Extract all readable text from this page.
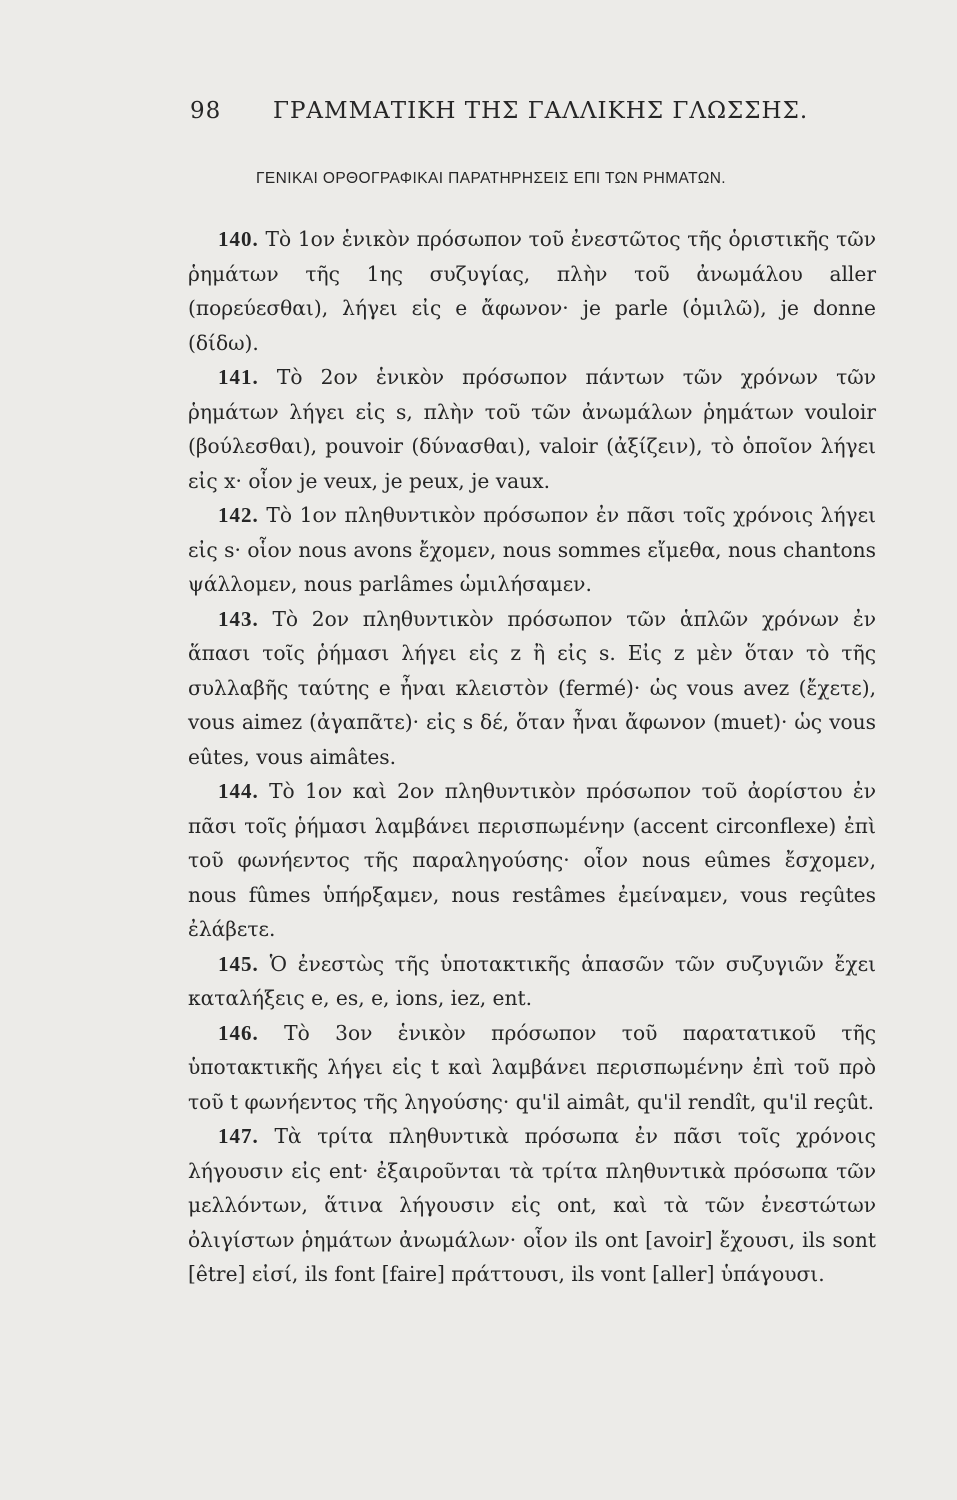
98 ΓΡΑΜΜΑΤΙΚΗ ΤΗΣ ΓΑΛΛΙΚΗΣ ΓΛΩΣΣΗΣ.
ΓΕΝΙΚΑΙ ΟΡΘΟΓΡΑΦΙΚΑΙ ΠΑΡΑΤΗΡΗΣΕΙΣ ΕΠΙ ΤΩΝ ΡΗΜΑΤΩΝ.

140. Τὸ 1ον ἑνικὸν πρόσωπον τοῦ ἐνεστῶτος τῆς ὁριστικῆς τῶν ῥημάτων τῆς 1ης συζυγίας, πλὴν τοῦ ἀνωμάλου aller (πορεύεσθαι), λήγει εἰς e ἄφωνον· je parle (ὁμιλῶ), je donne (δίδω).

141. Τὸ 2ον ἑνικὸν πρόσωπον πάντων τῶν χρόνων τῶν ῥημάτων λήγει εἰς s, πλὴν τοῦ τῶν ἀνωμάλων ῥημάτων vouloir (βούλεσθαι), pouvoir (δύνασθαι), valoir (ἀξίζειν), τὸ ὁποῖον λήγει εἰς x· οἷον je veux, je peux, je vaux.

142. Τὸ 1ον πληθυντικὸν πρόσωπον ἐν πᾶσι τοῖς χρόνοις λήγει εἰς s· οἷον nous avons ἔχομεν, nous sommes εἴμεθα, nous chantons ψάλλομεν, nous parlâmes ὡμιλήσαμεν.

143. Τὸ 2ον πληθυντικὸν πρόσωπον τῶν ἁπλῶν χρόνων ἐν ἅπασι τοῖς ῥήμασι λήγει εἰς z ἢ εἰς s. Εἰς z μὲν ὅταν τὸ τῆς συλλαβῆς ταύτης e ἦναι κλειστὸν (fermé)· ὡς vous avez (ἔχετε), vous aimez (ἀγαπᾶτε)· εἰς s δέ, ὅταν ἦναι ἄφωνον (muet)· ὡς vous eûtes, vous aimâtes.

144. Τὸ 1ον καὶ 2ον πληθυντικὸν πρόσωπον τοῦ ἀορίστου ἐν πᾶσι τοῖς ῥήμασι λαμβάνει περισπωμένην (accent circonflexe) ἐπὶ τοῦ φωνήεντος τῆς παραληγούσης· οἷον nous eûmes ἔσχομεν, nous fûmes ὑπήρξαμεν, nous restâmes ἐμείναμεν, vous reçûtes ἐλάβετε.

145. Ὁ ἐνεστὼς τῆς ὑποτακτικῆς ἁπασῶν τῶν συζυγιῶν ἔχει καταλήξεις e, es, e, ions, iez, ent.

146. Τὸ 3ον ἑνικὸν πρόσωπον τοῦ παρατατικοῦ τῆς ὑποτακτικῆς λήγει εἰς t καὶ λαμβάνει περισπωμένην ἐπὶ τοῦ πρὸ τοῦ t φωνήεντος τῆς ληγούσης· qu'il aimât, qu'il rendît, qu'il reçût.

147. Τὰ τρίτα πληθυντικὰ πρόσωπα ἐν πᾶσι τοῖς χρόνοις λήγουσιν εἰς ent· ἐξαιροῦνται τὰ τρίτα πληθυντικὰ πρόσωπα τῶν μελλόντων, ἅτινα λήγουσιν εἰς ont, καὶ τὰ τῶν ἐνεστώτων ὀλιγίστων ῥημάτων ἀνωμάλων· οἷον ils ont [avoir] ἔχουσι, ils sont [être] εἰσί, ils font [faire] πράττουσι, ils vont [aller] ὑπάγουσι.
